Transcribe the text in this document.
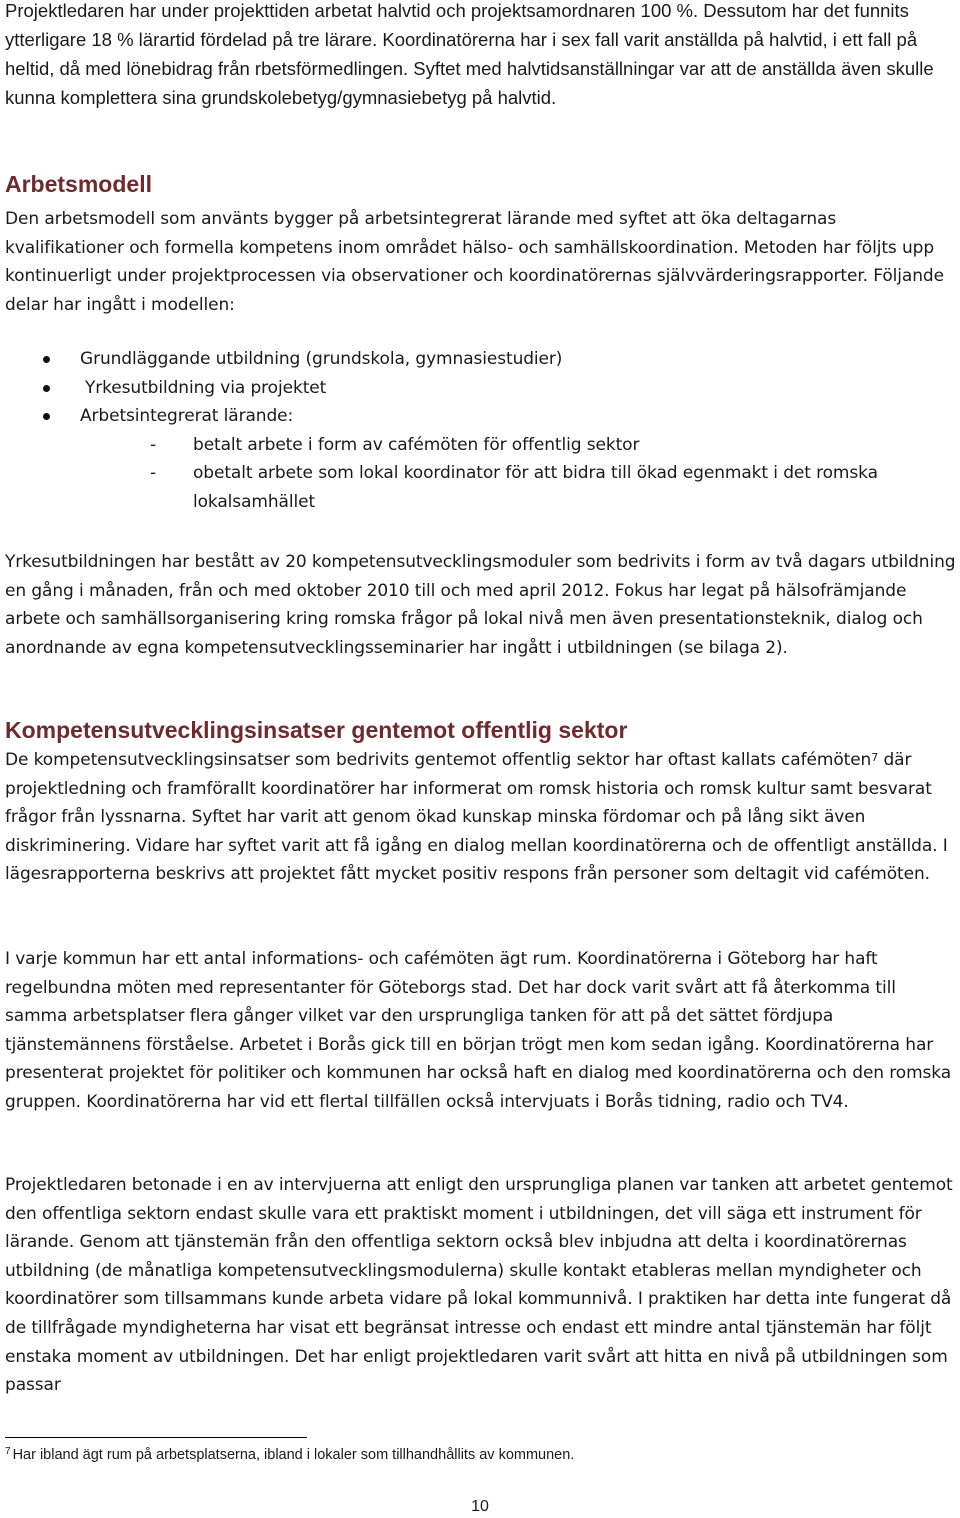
Projektledaren har under projekttiden arbetat halvtid och projektsamordnaren 100 %. Dessutom har det funnits ytterligare 18 % lärartid fördelad på tre lärare. Koordinatörerna har i sex fall varit anställda på halvtid, i ett fall på heltid, då med lönebidrag från rbetsförmedlingen. Syftet med halvtidsanställningar var att de anställda även skulle kunna komplettera sina grundskolebetyg/gymnasiebetyg på halvtid.

Arbetsmodell

Den arbetsmodell som använts bygger på arbetsintegrerat lärande med syftet att öka deltagarnas kvalifikationer och formella kompetens inom området hälso- och samhällskoordination. Metoden har följts upp kontinuerligt under projektprocessen via observationer och koordinatörernas självvärderingsrapporter. Följande delar har ingått i modellen:

Grundläggande utbildning (grundskola, gymnasiestudier)
Yrkesutbildning via projektet
Arbetsintegrerat lärande:
- betalt arbete i form av cafémöten för offentlig sektor

- obetalt arbete som lokal koordinator för att bidra till ökad egenmakt i det romska lokalsamhället

Yrkesutbildningen har bestått av 20 kompetensutvecklingsmoduler som bedrivits i form av två dagars utbildning en gång i månaden, från och med oktober 2010 till och med april 2012. Fokus har legat på hälsofrämjande arbete och samhällsorganisering kring romska frågor på lokal nivå men även presentationsteknik, dialog och anordnande av egna kompetensutvecklingsseminarier har ingått i utbildningen (se bilaga 2).

Kompetensutvecklingsinsatser gentemot offentlig sektor

De kompetensutvecklingsinsatser som bedrivits gentemot offentlig sektor har oftast kallats cafémöten$^7$ där projektledning och framförallt koordinatörer har informerat om romsk historia och romsk kultur samt besvarat frågor från lyssnarna. Syftet har varit att genom ökad kunskap minska fördomar och på lång sikt även diskriminering. Vidare har syftet varit att få igång en dialog mellan koordinatörerna och de offentligt anställda. I lägesrapporterna beskrivs att projektet fått mycket positiv respons från personer som deltagit vid cafémöten.

I varje kommun har ett antal informations- och cafémöten ägt rum. Koordinatörerna i Göteborg har haft regelbundna möten med representanter för Göteborgs stad. Det har dock varit svårt att få återkomma till samma arbetsplatser flera gånger vilket var den ursprungliga tanken för att på det sättet fördjupa tjänstemännens förståelse. Arbetet i Borås gick till en början trögt men kom sedan igång. Koordinatörerna har presenterat projektet för politiker och kommunen har också haft en dialog med koordinatörerna och den romska gruppen. Koordinatörerna har vid ett flertal tillfällen också intervjuats i Borås tidning, radio och TV4.

Projektledaren betonade i en av intervjuerna att enligt den ursprungliga planen var tanken att arbetet gentemot den offentliga sektorn endast skulle vara ett praktiskt moment i utbildningen, det vill säga ett instrument för lärande. Genom att tjänstemän från den offentliga sektorn också blev inbjudna att delta i koordinatörernas utbildning (de månatliga kompetensutvecklingsmodulerna) skulle kontakt etableras mellan myndigheter och koordinatörer som tillsammans kunde arbeta vidare på lokal kommunnivå. I praktiken har detta inte fungerat då de tillfrågade myndigheterna har visat ett begränsat intresse och endast ett mindre antal tjänstemän har följt enstaka moment av utbildningen. Det har enligt projektledaren varit svårt att hitta en nivå på utbildningen som passar

$^7$ Har ibland ägt rum på arbetsplatserna, ibland i lokaler som tillhandhållits av kommunen.
10
